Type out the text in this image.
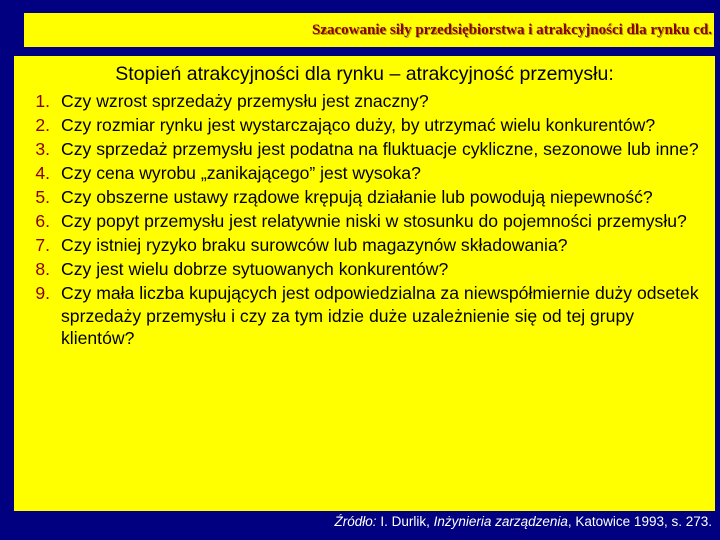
Szacowanie siły przedsiębiorstwa i atrakcyjności dla rynku cd.
Stopień atrakcyjności dla rynku – atrakcyjność przemysłu:
1. Czy wzrost sprzedaży przemysłu jest znaczny?
2. Czy rozmiar rynku jest wystarczająco duży, by utrzymać wielu konkurentów?
3. Czy sprzedaż przemysłu jest podatna na fluktuacje cykliczne, sezonowe lub inne?
4. Czy cena wyrobu „zanikającego” jest wysoka?
5. Czy obszerne ustawy rządowe krępują działanie lub powodują niepewność?
6. Czy popyt przemysłu jest relatywnie niski w stosunku do pojemności przemysłu?
7. Czy istniej ryzyko braku surowców lub magazynów składowania?
8. Czy jest wielu dobrze sytuowanych konkurentów?
9. Czy mała liczba kupujących jest odpowiedzialna za niewspółmiernie duży odsetek sprzedaży przemysłu i czy za tym idzie duże uzależnienie się od tej grupy klientów?
Źródło: I. Durlik, Inżynieria zarządzenia, Katowice 1993, s. 273.
